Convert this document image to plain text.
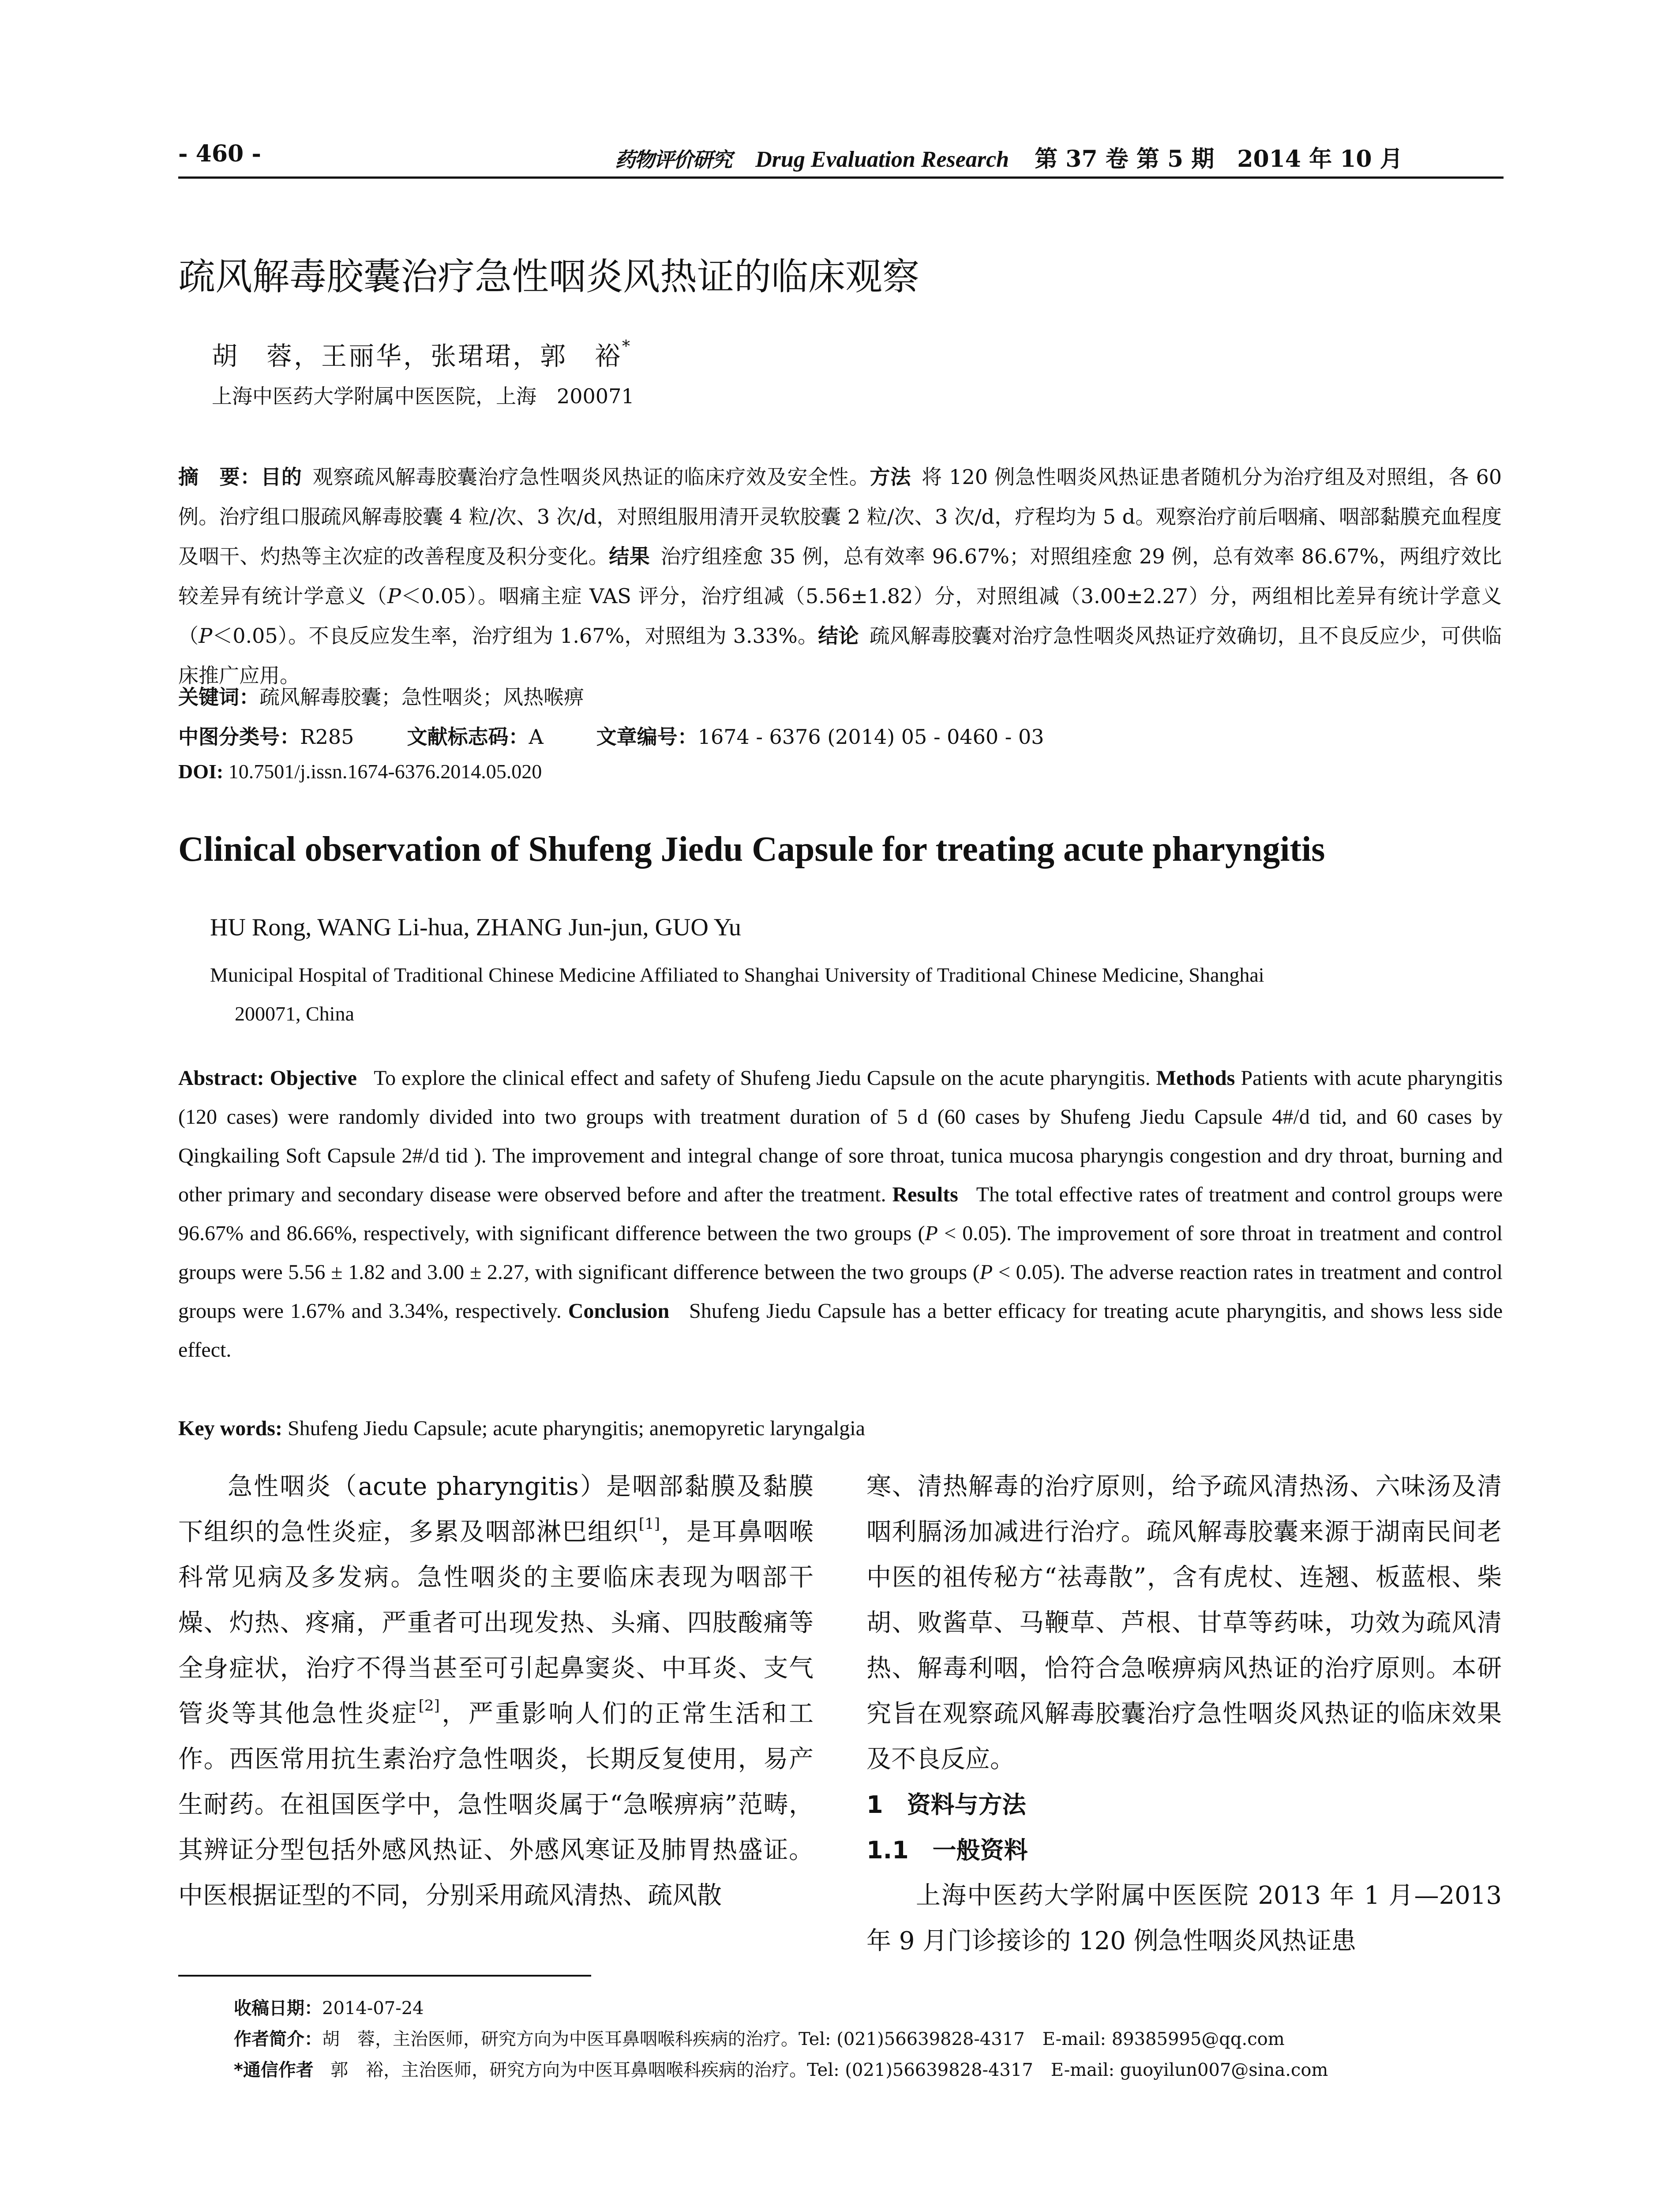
- 460 -	药物评价研究 Drug Evaluation Research 第 37 卷 第 5 期　2014 年 10 月
疏风解毒胶囊治疗急性咽炎风热证的临床观察
胡　蓉，王丽华，张珺珺，郭　裕*
上海中医药大学附属中医医院，上海　200071
摘　要：目的 观察疏风解毒胶囊治疗急性咽炎风热证的临床疗效及安全性。方法 将 120 例急性咽炎风热证患者随机分为治疗组及对照组，各 60 例。治疗组口服疏风解毒胶囊 4 粒/次、3 次/d，对照组服用清开灵软胶囊 2 粒/次、3 次/d，疗程均为 5 d。观察治疗前后咽痛、咽部黏膜充血程度及咽干、灼热等主次症的改善程度及积分变化。结果 治疗组痊愈 35 例，总有效率 96.67%；对照组痊愈 29 例，总有效率 86.67%，两组疗效比较差异有统计学意义（P＜0.05）。咽痛主症 VAS 评分，治疗组减（5.56±1.82）分，对照组减（3.00±2.27）分，两组相比差异有统计学意义（P＜0.05）。不良反应发生率，治疗组为 1.67%，对照组为 3.33%。结论 疏风解毒胶囊对治疗急性咽炎风热证疗效确切，且不良反应少，可供临床推广应用。
关键词：疏风解毒胶囊；急性咽炎；风热喉痹
中图分类号：R285	文献标志码：A	文章编号：1674 - 6376 (2014) 05 - 0460 - 03
DOI: 10.7501/j.issn.1674-6376.2014.05.020
Clinical observation of Shufeng Jiedu Capsule for treating acute pharyngitis
HU Rong, WANG Li-hua, ZHANG Jun-jun, GUO Yu
Municipal Hospital of Traditional Chinese Medicine Affiliated to Shanghai University of Traditional Chinese Medicine, Shanghai
200071, China
Abstract: Objective To explore the clinical effect and safety of Shufeng Jiedu Capsule on the acute pharyngitis. Methods Patients with acute pharyngitis (120 cases) were randomly divided into two groups with treatment duration of 5 d (60 cases by Shufeng Jiedu Capsule 4#/d tid, and 60 cases by Qingkailing Soft Capsule 2#/d tid ). The improvement and integral change of sore throat, tunica mucosa pharyngis congestion and dry throat, burning and other primary and secondary disease were observed before and after the treatment. Results The total effective rates of treatment and control groups were 96.67% and 86.66%, respectively, with significant difference between the two groups (P < 0.05). The improvement of sore throat in treatment and control groups were 5.56 ± 1.82 and 3.00 ± 2.27, with significant difference between the two groups (P < 0.05). The adverse reaction rates in treatment and control groups were 1.67% and 3.34%, respectively. Conclusion Shufeng Jiedu Capsule has a better efficacy for treating acute pharyngitis, and shows less side effect.
Key words: Shufeng Jiedu Capsule; acute pharyngitis; anemopyretic laryngalgia

急性咽炎（acute pharyngitis）是咽部黏膜及黏膜下组织的急性炎症，多累及咽部淋巴组织[1]，是耳鼻咽喉科常见病及多发病。急性咽炎的主要临床表现为咽部干燥、灼热、疼痛，严重者可出现发热、头痛、四肢酸痛等全身症状，治疗不得当甚至可引起鼻窦炎、中耳炎、支气管炎等其他急性炎症[2]，严重影响人们的正常生活和工作。西医常用抗生素治疗急性咽炎，长期反复使用，易产生耐药。在祖国医学中，急性咽炎属于“急喉痹病”范畴，其辨证分型包括外感风热证、外感风寒证及肺胃热盛证。中医根据证型的不同，分别采用疏风清热、疏风散

寒、清热解毒的治疗原则，给予疏风清热汤、六味汤及清咽利膈汤加减进行治疗。疏风解毒胶囊来源于湖南民间老中医的祖传秘方“祛毒散”，含有虎杖、连翘、板蓝根、柴胡、败酱草、马鞭草、芦根、甘草等药味，功效为疏风清热、解毒利咽，恰符合急喉痹病风热证的治疗原则。本研究旨在观察疏风解毒胶囊治疗急性咽炎风热证的临床效果及不良反应。

1　资料与方法
1.1　一般资料

上海中医药大学附属中医医院 2013 年 1 月—2013 年 9 月门诊接诊的 120 例急性咽炎风热证患

收稿日期：2014-07-24
作者简介：胡　蓉，主治医师，研究方向为中医耳鼻咽喉科疾病的治疗。Tel: (021)56639828-4317　E-mail: 89385995@qq.com
*通信作者 郭　裕，主治医师，研究方向为中医耳鼻咽喉科疾病的治疗。Tel: (021)56639828-4317　E-mail: guoyilun007@sina.com
